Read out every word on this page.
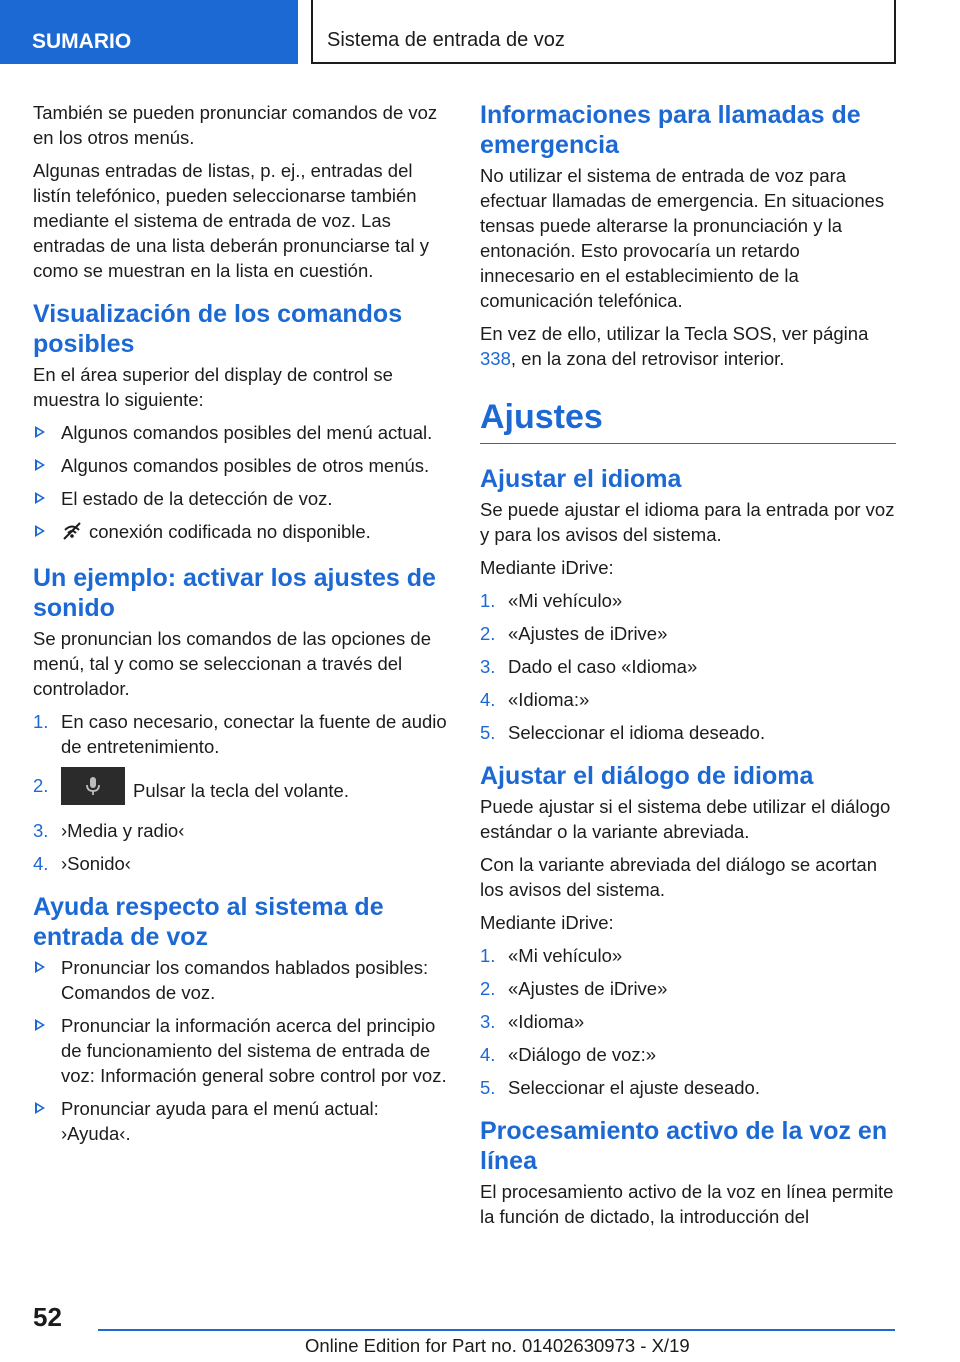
SUMARIO	Sistema de entrada de voz

También se pueden pronunciar comandos de voz en los otros menús.

Algunas entradas de listas, p. ej., entradas del listín telefónico, pueden seleccionarse también mediante el sistema de entrada de voz. Las entradas de una lista deberán pronunciarse tal y como se muestran en la lista en cuestión.

Visualización de los comandos posibles

En el área superior del display de control se muestra lo siguiente:

Algunos comandos posibles del menú actual.
Algunos comandos posibles de otros menús.
El estado de la detección de voz.
conexión codificada no disponible.
Un ejemplo: activar los ajustes de sonido

Se pronuncian los comandos de las opciones de menú, tal y como se seleccionan a través del controlador.

1. En caso necesario, conectar la fuente de audio de entretenimiento.
2.	Pulsar la tecla del volante.
3. ›Media y radio‹
4. ›Sonido‹
Ayuda respecto al sistema de entrada de voz
Pronunciar los comandos hablados posibles: Comandos de voz.
Pronunciar la información acerca del principio de funcionamiento del sistema de entrada de voz: Información general sobre control por voz.
Pronunciar ayuda para el menú actual: ›Ayuda‹.
Informaciones para llamadas de emergencia

No utilizar el sistema de entrada de voz para efectuar llamadas de emergencia. En situaciones tensas puede alterarse la pronunciación y la entonación. Esto provocaría un retardo innecesario en el establecimiento de la comunicación telefónica.

En vez de ello, utilizar la Tecla SOS, ver página 338, en la zona del retrovisor interior.

Ajustes
Ajustar el idioma

Se puede ajustar el idioma para la entrada por voz y para los avisos del sistema.

Mediante iDrive:

1. «Mi vehículo»
2. «Ajustes de iDrive»
3. Dado el caso «Idioma»
4. «Idioma:»
5. Seleccionar el idioma deseado.
Ajustar el diálogo de idioma

Puede ajustar si el sistema debe utilizar el diálogo estándar o la variante abreviada.

Con la variante abreviada del diálogo se acortan los avisos del sistema.

Mediante iDrive:

1. «Mi vehículo»
2. «Ajustes de iDrive»
3. «Idioma»
4. «Diálogo de voz:»
5. Seleccionar el ajuste deseado.
Procesamiento activo de la voz en línea

El procesamiento activo de la voz en línea permite la función de dictado, la introducción del

52
Online Edition for Part no. 01402630973 - X/19
